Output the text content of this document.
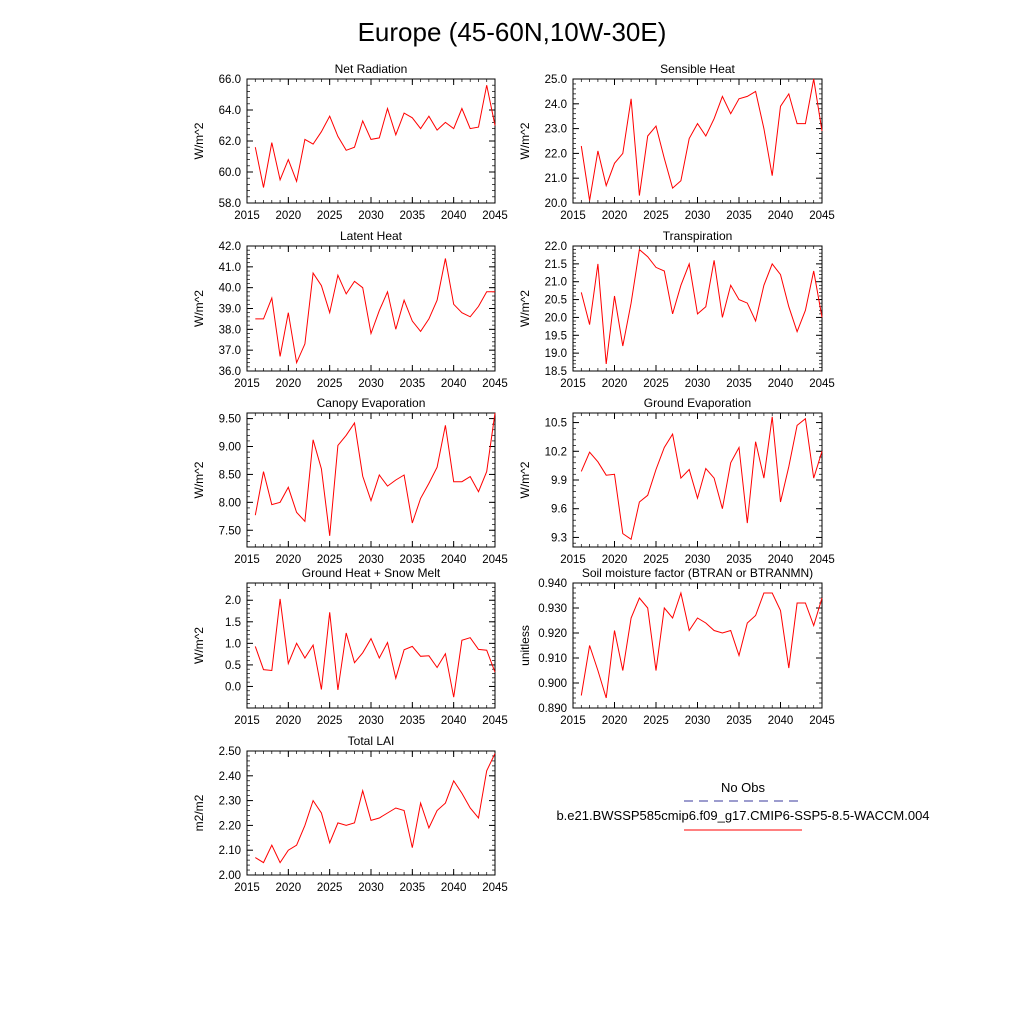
Europe (45-60N,10W-30E)
Net Radiation
W/m^2
2015 2020 2025 2030 2035 2040 2045
58.0
60.0
62.0
64.0
66.0
Sensible Heat
W/m^2
2015 2020 2025 2030 2035 2040 2045
20.0
21.0
22.0
23.0
24.0
25.0
Latent Heat
W/m^2
2015 2020 2025 2030 2035 2040 2045
36.0
37.0
38.0
39.0
40.0
41.0
42.0
Transpiration
W/m^2
2015 2020 2025 2030 2035 2040 2045
18.5
19.0
19.5
20.0
20.5
21.0
21.5
22.0
Canopy Evaporation
W/m^2
2015 2020 2025 2030 2035 2040 2045
7.50
8.00
8.50
9.00
9.50
Ground Evaporation
W/m^2
2015 2020 2025 2030 2035 2040 2045
9.3
9.6
9.9
10.2
10.5
Ground Heat + Snow Melt
W/m^2
2015 2020 2025 2030 2035 2040 2045
0.0
0.5
1.0
1.5
2.0
Soil moisture factor (BTRAN or BTRANMN)
unitless
2015 2020 2025 2030 2035 2040 2045
0.890
0.900
0.910
0.920
0.930
0.940
Total LAI
m2/m2
2015 2020 2025 2030 2035 2040 2045
2.00
2.10
2.20
2.30
2.40
2.50
No Obs
b.e21.BWSSP585cmip6.f09_g17.CMIP6-SSP5-8.5-WACCM.004
